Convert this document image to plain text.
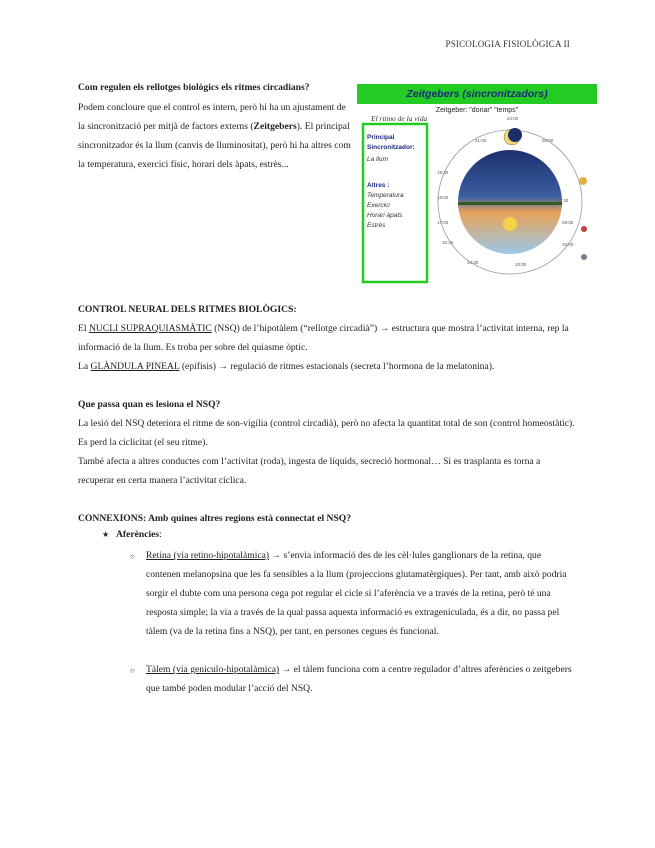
PSICOLOGIA FISIOLÒGICA II
Com regulen els rellotges biològics els ritmes circadians?
Podem concloure que el control es intern, però hi ha un ajustament de la sincronització per mitjà de factors externs (Zeitgebers). El principal sincronitzador és la llum (canvis de lluminositat), però hi ha altres com la temperatura, exercici físic, horari dels àpats, estrès...
Zeitgebers (sincronitzadors)
Zeitgeber: "donar" "temps"
El ritmo de la vida
Principal Sincronitzador:
La llum
Altres :
Temperatura
Exercici
Horari àpats
Estrès
21:00	02:00
19:30
18:00
17:00
15:30
14:30	10:00
07:30
08:30
10:00
24:00
.
CONTROL NEURAL DELS RITMES BIOLÒGICS:
El NUCLI SUPRAQUIASMÀTIC (NSQ) de l’hipotàlem (“rellotge circadià”) → estructura que mostra l’activitat interna, rep la informació de la llum. Es troba per sobre del quiasme òptic.
La GLÀNDULA PINEAL (epífisis) → regulació de ritmes estacionals (secreta l’hormona de la melatonina).
Que passa quan es lesiona el NSQ?
La lesió del NSQ deteriora el ritme de son-vigília (control circadià), però no afecta la quantitat total de son (control homeostàtic). Es perd la ciclicitat (el seu ritme).
També afecta a altres conductes com l’activitat (roda), ingesta de líquids, secreció hormonal… Si es trasplanta es torna a recuperar en certa manera l’activitat cíclica.
CONNEXIONS: Amb quines altres regions està connectat el NSQ?
★ Aferències:
○ Retina (via retino-hipotalàmica) → s’envia informació des de les cèl·lules ganglionars de la retina, que contenen melanopsina que les fa sensibles a la llum (projeccions glutamatèrgiques). Per tant, amb això podria sorgir el dubte com una persona cega pot regular el cicle si l’aferència ve a través de la retina, però té una resposta simple; la via a través de la qual passa aquesta informació es extrageniculada, és a dir, no passa pel tàlem (va de la retina fins a NSQ), per tant, en persones cegues és funcional.
○ Tàlem (via geniculo-hipotalàmica) → el tàlem funciona com a centre regulador d’altres aferències o zeitgebers que també poden modular l’acció del NSQ.
